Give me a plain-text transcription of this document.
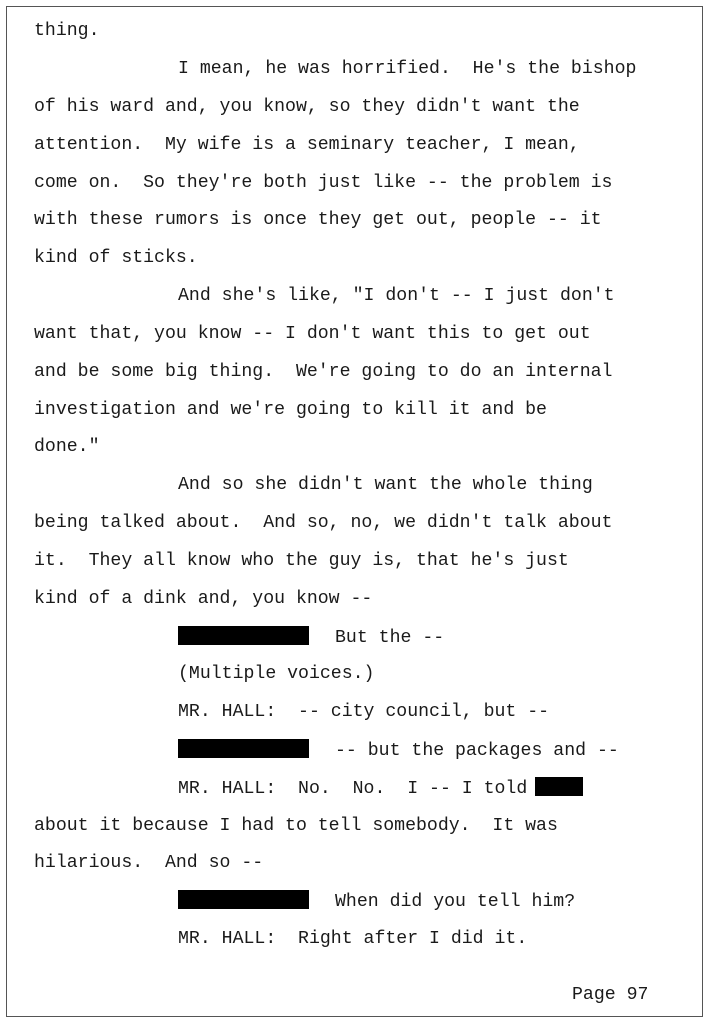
thing.
I mean, he was horrified.  He's the bishop
of his ward and, you know, so they didn't want the
attention.  My wife is a seminary teacher, I mean,
come on.  So they're both just like -- the problem is
with these rumors is once they get out, people -- it
kind of sticks.
And she's like, "I don't -- I just don't
want that, you know -- I don't want this to get out
and be some big thing.  We're going to do an internal
investigation and we're going to kill it and be
done."
And so she didn't want the whole thing
being talked about.  And so, no, we didn't talk about
it.  They all know who the guy is, that he's just
kind of a dink and, you know --
But the --
(Multiple voices.)
MR. HALL:  -- city council, but --
-- but the packages and --
MR. HALL:  No.  No.  I -- I told
about it because I had to tell somebody.  It was
hilarious.  And so --
When did you tell him?
MR. HALL:  Right after I did it.
Page 97
